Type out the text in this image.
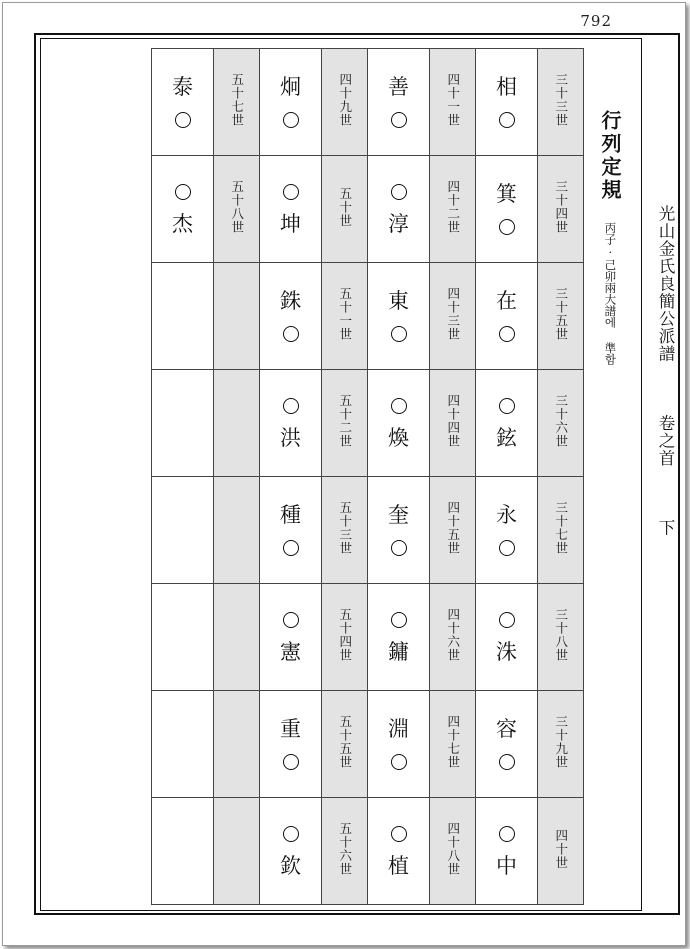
792
泰	五十七世	炯	四十九世	善	四十一世	相	三十三世

杰	五十八世	坤	五十世	淳	四十二世	箕	三十四世

		銖	五十一世	東	四十三世	在	三十五世

		洪	五十二世	煥	四十四世	鉉	三十六世

		種	五十三世	奎	四十五世	永	三十七世

		憲	五十四世	鏞	四十六世	洙	三十八世

		重	五十五世	淵	四十七世	容	三十九世

		欽	五十六世	植	四十八世	中	四十世
行列定規
丙子·己卯兩大譜에 準함 光山金氏良簡公派譜  卷之首  下
